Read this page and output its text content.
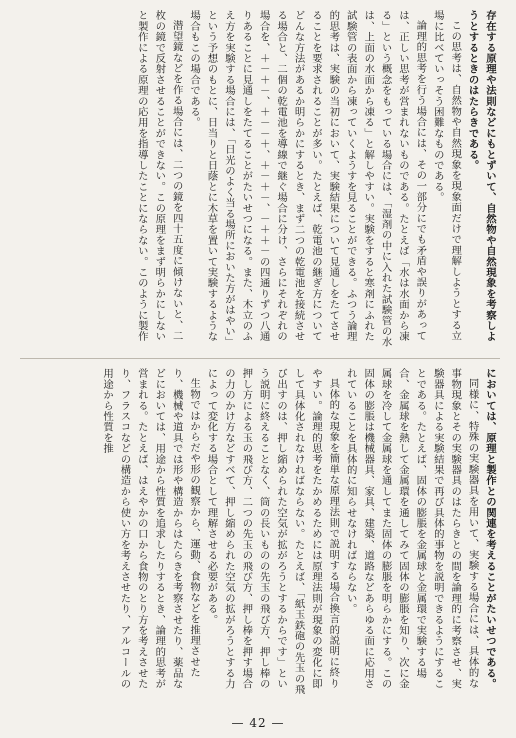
存在する原理や法則などにもとずいて、自然物や自然現象を考察しようとするときのはたらきである。

この思考は、自然物や自然現象を現象面だけで理解しようとする立場に比べていっそう困難なものである。

論理的思考を行う場合には、その一部分にでも矛盾や誤りがあっては、正しい思考が営まれないものである。たとえば「水は水面から凍る」という概念をもっている場合には、「湿剤の中に入れた試験管の水は、上面の水面から凍る」と解しやすい。実験をすると寒剤にふれた試験管の表面から凍っていくようすを見ることができる。ふつう論理的思考は、実験の当初において、実験結果について見通しをたてさせることを要求されることが多い。たとえば、乾電池の継ぎ方についてどんな方法があるか明らかにするとき、まず二つの乾電池を接続させる場合と、二個の乾電池を導線で継ぐ場合に分け、さらにそれぞれの場合を、＋－＋－、＋－－＋、＋－＋－、－＋＋－の四通りずつ八通りあることに見通しをたてることがたいせつになる。また、木立のふえ方を実験する場合には、「日光のよく当る場所においた方がはやい」という予想のもとに、日当りと日蔭とに木草を置いて実験するような場合もこの場合である。

潜望鏡などを作る場合には、二つの鏡を四十五度に傾けないと、二枚の鏡で反射させることができない。この原理をまず明らかにしないと製作による原理の応用を指導したことにならない。このように製作

においては、原理と製作との関連を考えることがたいせつである。

同様に、特殊の実験器具を用いて、実験する場合には、具体的な事物現象とその実験器具のはたらきとの間を論理的に考察させ、実験器具による実験結果で再び具体的事物を説明できるようにすることである。たとえば、固体の膨脹を金属球と金属環で実験する場合、金属球を熱して金属環を通してみて固体の膨脹を知り、次に金属球を冷して金属球を通してまた固体の膨脹を明らかにする。この固体の膨脹は機械器具、家具、建築、道路などあらゆる面に応用されていることを具体的に知らせなければならない。

具体的な現象を簡単な原理法則で説明する場合換言的説明に終りやすい。論理的思考をたかめるためには原理法則が現象の変化に即して具体化されなければならない。たとえば、「紙玉鉄砲の先玉の飛び出すのは、押し縮められた空気が拡がろうとするからです」という説明に終えることなく、筒の長いものの先玉の飛び方、押し棒の押し方による玉の飛び方、二つの先玉の飛び方、押し棒を押す場合の力のかけ方などすべて、押し縮められた空気の拡がろうとする力によって変化する場合として理解させる必要がある。

生物ではからだや形の観察から、運動、食物などを推理させたり、機械や道具では形や構造からはたらきを考察させたり、薬品などにおいては、用途から性質を追求したりするとき、論理的思考が営まれる。たとえば、はえやかの口から食物のとり方を考えさせたり、フラスコなどの構造から使い方を考えさせたり、アルコールの用途から性質を推

— 42 —
